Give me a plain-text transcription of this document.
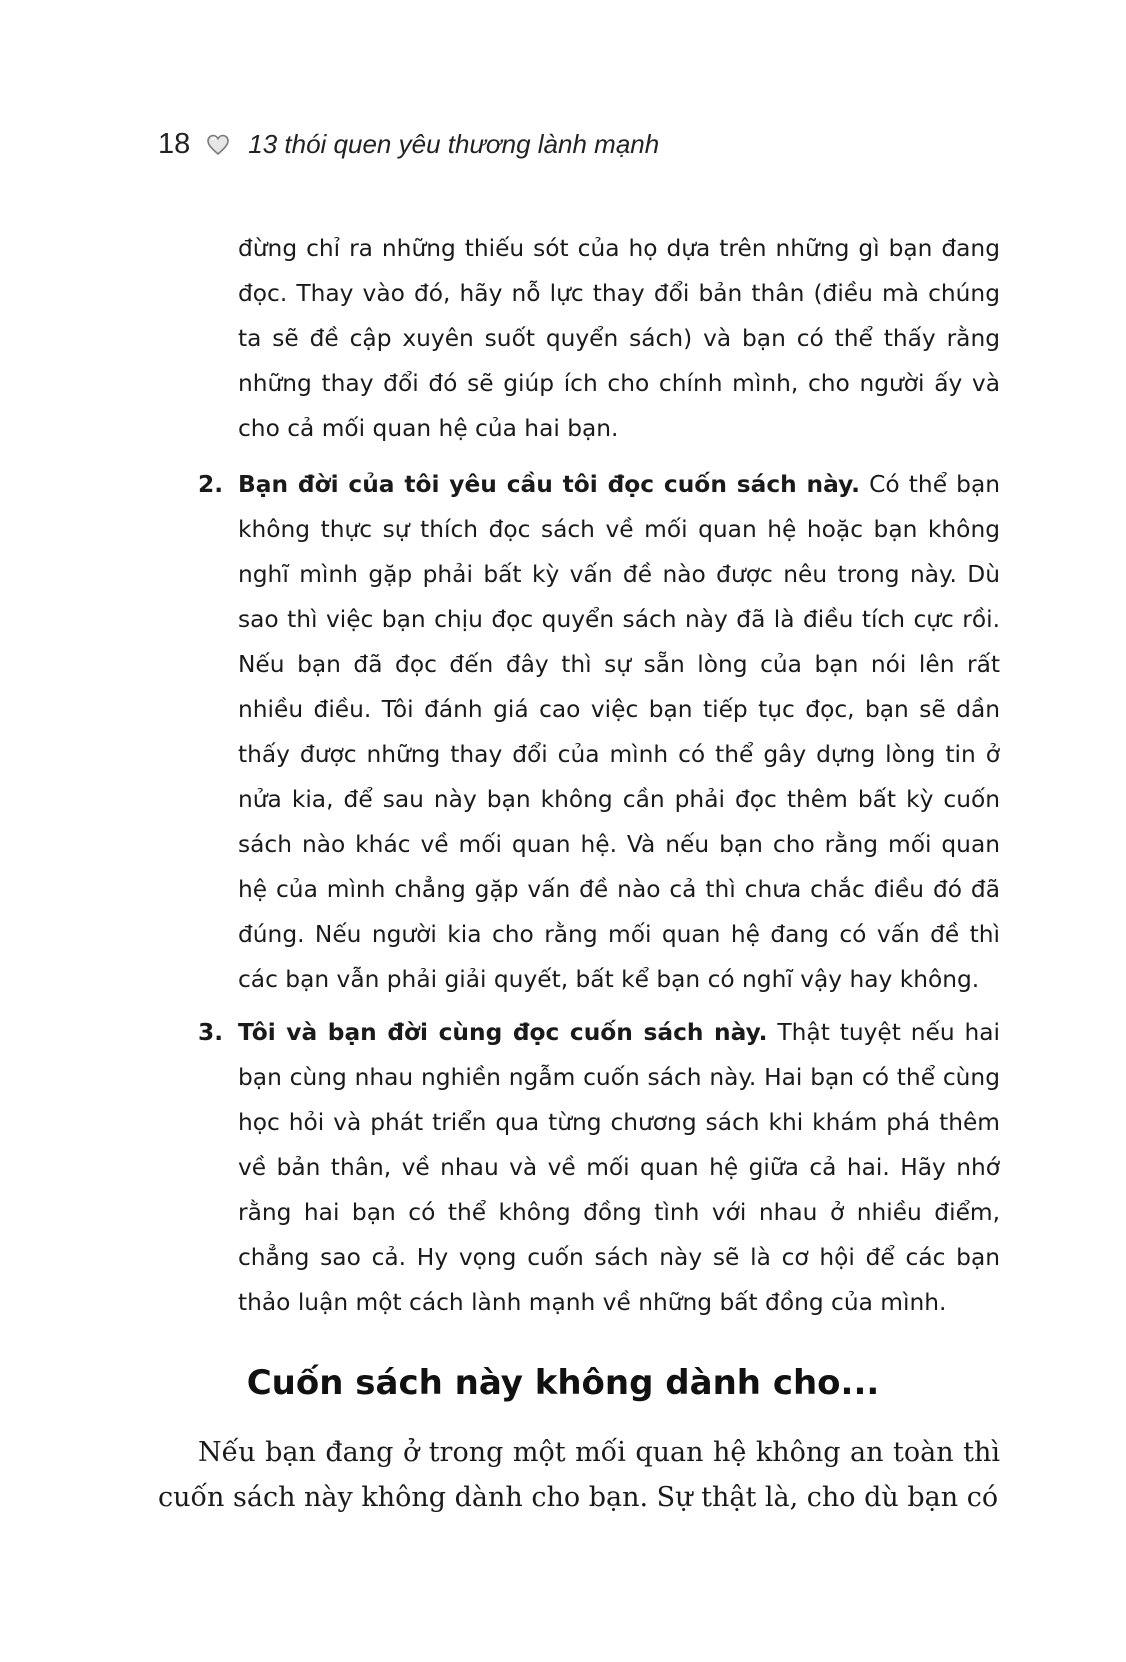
18 13 thói quen yêu thương lành mạnh

đừng chỉ ra những thiếu sót của họ dựa trên những gì bạn đang đọc. Thay vào đó, hãy nỗ lực thay đổi bản thân (điều mà chúng ta sẽ đề cập xuyên suốt quyển sách) và bạn có thể thấy rằng những thay đổi đó sẽ giúp ích cho chính mình, cho người ấy và cho cả mối quan hệ của hai bạn.

2. Bạn đời của tôi yêu cầu tôi đọc cuốn sách này. Có thể bạn không thực sự thích đọc sách về mối quan hệ hoặc bạn không nghĩ mình gặp phải bất kỳ vấn đề nào được nêu trong này. Dù sao thì việc bạn chịu đọc quyển sách này đã là điều tích cực rồi. Nếu bạn đã đọc đến đây thì sự sẵn lòng của bạn nói lên rất nhiều điều. Tôi đánh giá cao việc bạn tiếp tục đọc, bạn sẽ dần thấy được những thay đổi của mình có thể gây dựng lòng tin ở nửa kia, để sau này bạn không cần phải đọc thêm bất kỳ cuốn sách nào khác về mối quan hệ. Và nếu bạn cho rằng mối quan hệ của mình chẳng gặp vấn đề nào cả thì chưa chắc điều đó đã đúng. Nếu người kia cho rằng mối quan hệ đang có vấn đề thì các bạn vẫn phải giải quyết, bất kể bạn có nghĩ vậy hay không.
3. Tôi và bạn đời cùng đọc cuốn sách này. Thật tuyệt nếu hai bạn cùng nhau nghiền ngẫm cuốn sách này. Hai bạn có thể cùng học hỏi và phát triển qua từng chương sách khi khám phá thêm về bản thân, về nhau và về mối quan hệ giữa cả hai. Hãy nhớ rằng hai bạn có thể không đồng tình với nhau ở nhiều điểm, chẳng sao cả. Hy vọng cuốn sách này sẽ là cơ hội để các bạn thảo luận một cách lành mạnh về những bất đồng của mình.
Cuốn sách này không dành cho...

Nếu bạn đang ở trong một mối quan hệ không an toàn thì cuốn sách này không dành cho bạn. Sự thật là, cho dù bạn có
